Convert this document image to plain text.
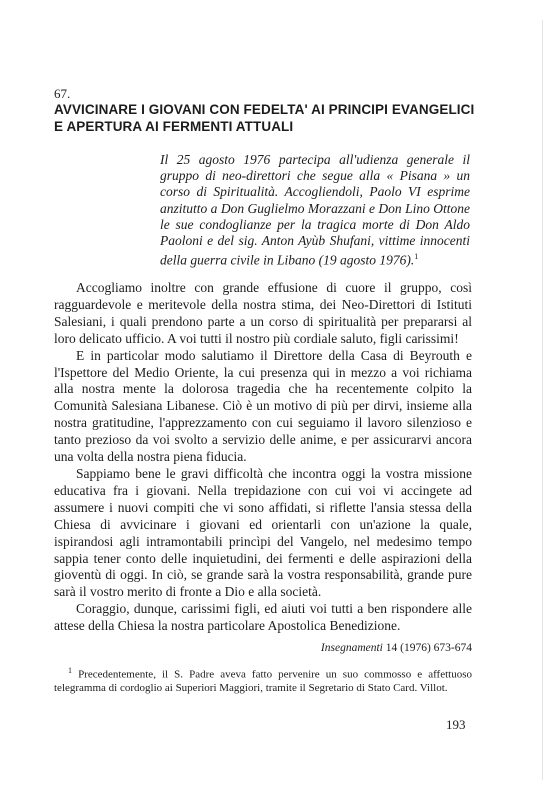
67.
AVVICINARE I GIOVANI CON FEDELTA' AI PRINCIPI EVANGELICI
E APERTURA AI FERMENTI ATTUALI
Il 25 agosto 1976 partecipa all'udienza generale il gruppo di neo-direttori che segue alla « Pisana » un corso di Spiritualità. Accogliendoli, Paolo VI esprime anzitutto a Don Guglielmo Morazzani e Don Lino Ottone le sue condoglianze per la tragica morte di Don Aldo Paoloni e del sig. Anton Ayùb Shufani, vittime innocenti della guerra civile in Libano (19 agosto 1976).$^1$

Accogliamo inoltre con grande effusione di cuore il gruppo, così ragguardevole e meritevole della nostra stima, dei Neo-Direttori di Istituti Salesiani, i quali prendono parte a un corso di spiritualità per prepararsi al loro delicato ufficio. A voi tutti il nostro più cordiale saluto, figli carissimi!

E in particolar modo salutiamo il Direttore della Casa di Beyrouth e l'Ispettore del Medio Oriente, la cui presenza qui in mezzo a voi richiama alla nostra mente la dolorosa tragedia che ha recentemente colpito la Comunità Salesiana Libanese. Ciò è un motivo di più per dirvi, insieme alla nostra gratitudine, l'apprezzamento con cui seguiamo il lavoro silenzioso e tanto prezioso da voi svolto a servizio delle anime, e per assicurarvi ancora una volta della nostra piena fiducia.

Sappiamo bene le gravi difficoltà che incontra oggi la vostra missione educativa fra i giovani. Nella trepidazione con cui voi vi accingete ad assumere i nuovi compiti che vi sono affidati, si riflette l'ansia stessa della Chiesa di avvicinare i giovani ed orientarli con un'azione la quale, ispirandosi agli intramontabili princìpi del Vangelo, nel medesimo tempo sappia tener conto delle inquietudini, dei fermenti e delle aspirazioni della gioventù di oggi. In ciò, se grande sarà la vostra responsabilità, grande pure sarà il vostro merito di fronte a Dio e alla società.

Coraggio, dunque, carissimi figli, ed aiuti voi tutti a ben rispondere alle attese della Chiesa la nostra particolare Apostolica Benedizione.

Insegnamenti 14 (1976) 673-674
$^1$ Precedentemente, il S. Padre aveva fatto pervenire un suo commosso e affettuoso telegramma di cordoglio ai Superiori Maggiori, tramite il Segretario di Stato Card. Villot.
193
